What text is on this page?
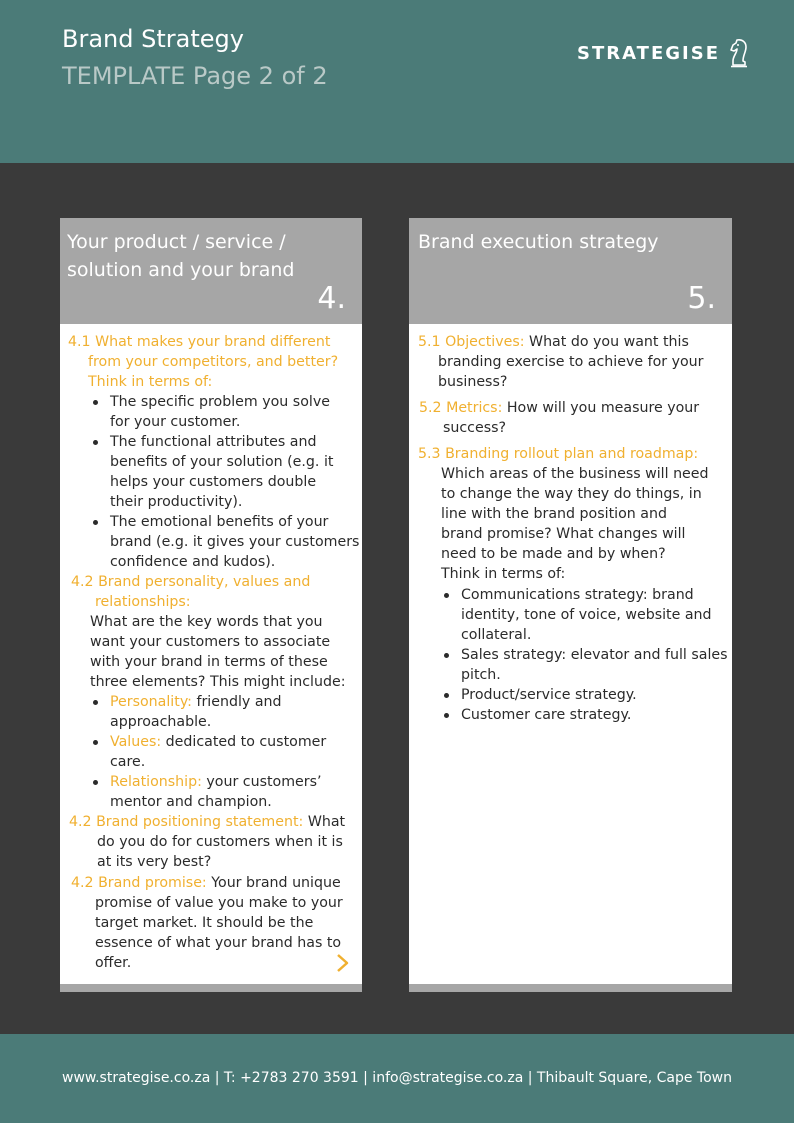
Brand Strategy
TEMPLATE Page 2 of 2
STRATEGISE
Your product / service /
solution and your brand
4.
4.1 What makes your brand different
from your competitors, and better?
Think in terms of:
The specific problem you solve
for your customer.
The functional attributes and
benefits of your solution (e.g. it
helps your customers double
their productivity).
The emotional benefits of your
brand (e.g. it gives your customers
confidence and kudos).
4.2 Brand personality, values and
relationships:
What are the key words that you
want your customers to associate
with your brand in terms of these
three elements? This might include:
Personality: friendly and
approachable.
Values: dedicated to customer
care.
Relationship: your customers’
mentor and champion.
4.2 Brand positioning statement: What
do you do for customers when it is
at its very best?
4.2 Brand promise: Your brand unique
promise of value you make to your
target market. It should be the
essence of what your brand has to
offer.
Brand execution strategy
5.
5.1 Objectives: What do you want this
branding exercise to achieve for your
business?
5.2 Metrics: How will you measure your
success?
5.3 Branding rollout plan and roadmap:
Which areas of the business will need
to change the way they do things, in
line with the brand position and
brand promise? What changes will
need to be made and by when?
Think in terms of:
Communications strategy: brand
identity, tone of voice, website and
collateral.
Sales strategy: elevator and full sales
pitch.
Product/service strategy.
Customer care strategy.
www.strategise.co.za | T: +2783 270 3591 | info@strategise.co.za | Thibault Square, Cape Town
